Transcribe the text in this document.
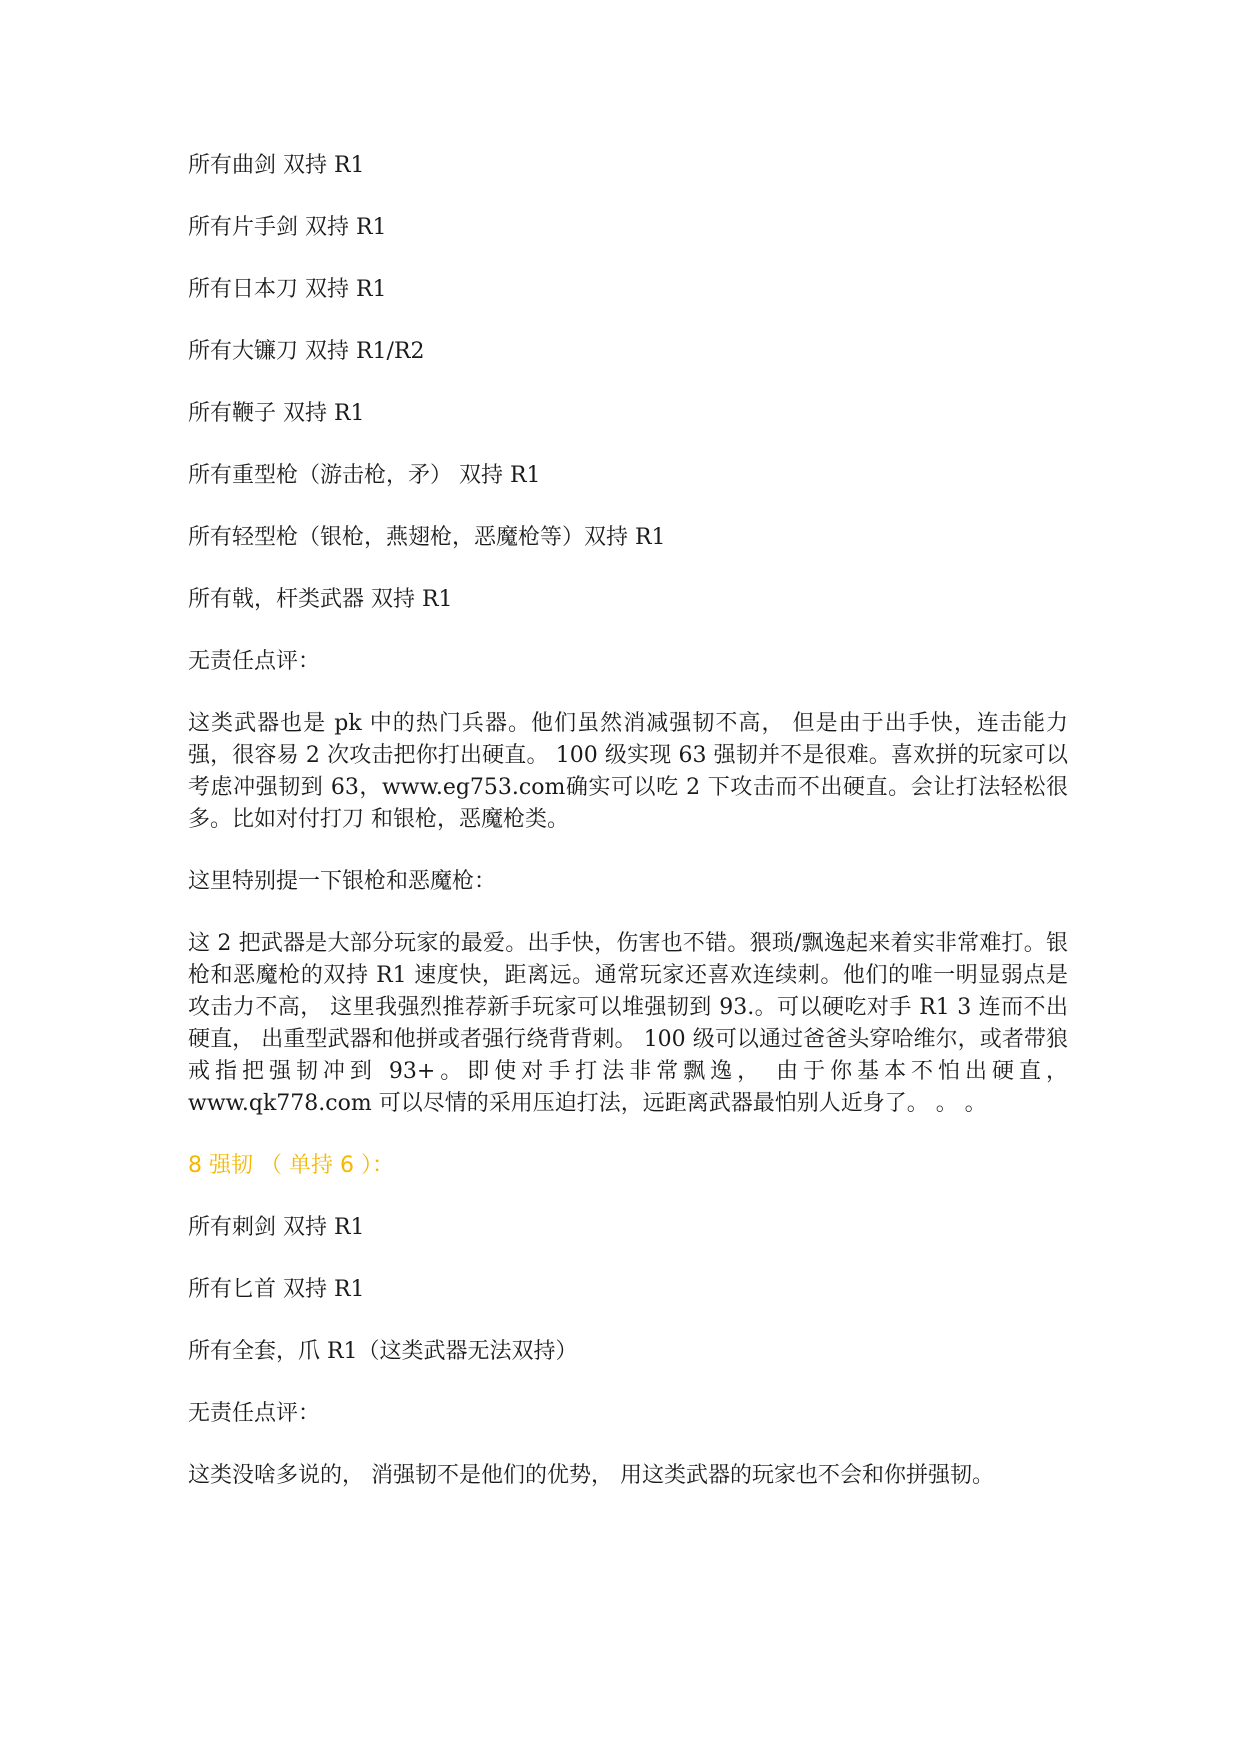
所有曲剑 双持 R1
所有片手剑 双持 R1
所有日本刀 双持 R1
所有大镰刀 双持 R1/R2
所有鞭子 双持 R1
所有重型枪（游击枪，矛） 双持 R1
所有轻型枪（银枪，燕翅枪，恶魔枪等）双持 R1
所有戟，杆类武器 双持 R1
无责任点评：

这类武器也是 pk 中的热门兵器。他们虽然消减强韧不高， 但是由于出手快，连击能力强，很容易 2 次攻击把你打出硬直。 100 级实现 63 强韧并不是很难。喜欢拼的玩家可以考虑冲强韧到 63，www.eg753.com确实可以吃 2 下攻击而不出硬直。会让打法轻松很多。比如对付打刀 和银枪，恶魔枪类。

这里特别提一下银枪和恶魔枪：

这 2 把武器是大部分玩家的最爱。出手快，伤害也不错。猥琐/飘逸起来着实非常难打。银枪和恶魔枪的双持 R1 速度快，距离远。通常玩家还喜欢连续刺。他们的唯一明显弱点是攻击力不高， 这里我强烈推荐新手玩家可以堆强韧到 93.。可以硬吃对手 R1 3 连而不出硬直， 出重型武器和他拼或者强行绕背背刺。 100 级可以通过爸爸头穿哈维尔，或者带狼戒指把强韧冲到 93+。即使对手打法非常飘逸， 由于你基本不怕出硬直， www.qk778.com 可以尽情的采用压迫打法，远距离武器最怕别人近身了。 。 。

8 强韧 （ 单持 6 ）：
所有刺剑 双持 R1
所有匕首 双持 R1
所有全套，爪 R1（这类武器无法双持）
无责任点评：

这类没啥多说的， 消强韧不是他们的优势， 用这类武器的玩家也不会和你拼强韧。
